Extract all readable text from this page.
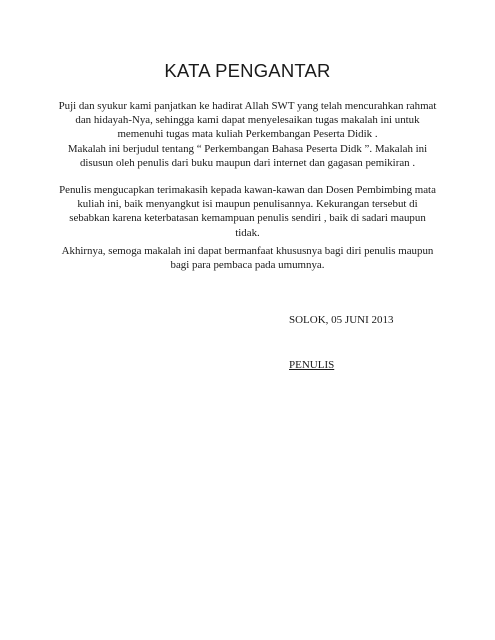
KATA PENGANTAR

Puji dan syukur kami panjatkan ke hadirat Allah SWT yang telah mencurahkan rahmat
dan hidayah-Nya, sehingga kami dapat menyelesaikan tugas makalah ini untuk
memenuhi tugas mata kuliah Perkembangan Peserta Didik .
Makalah ini berjudul tentang “ Perkembangan Bahasa Peserta Didk ”. Makalah ini
disusun oleh penulis dari buku maupun dari internet dan gagasan pemikiran .

Penulis mengucapkan terimakasih kepada kawan-kawan dan Dosen Pembimbing mata
kuliah ini, baik menyangkut isi maupun penulisannya. Kekurangan tersebut di
sebabkan karena keterbatasan kemampuan penulis sendiri , baik di sadari maupun
tidak.

Akhirnya, semoga makalah ini dapat bermanfaat khususnya bagi diri penulis maupun
bagi para pembaca pada umumnya.

SOLOK, 05 JUNI 2013

PENULIS
